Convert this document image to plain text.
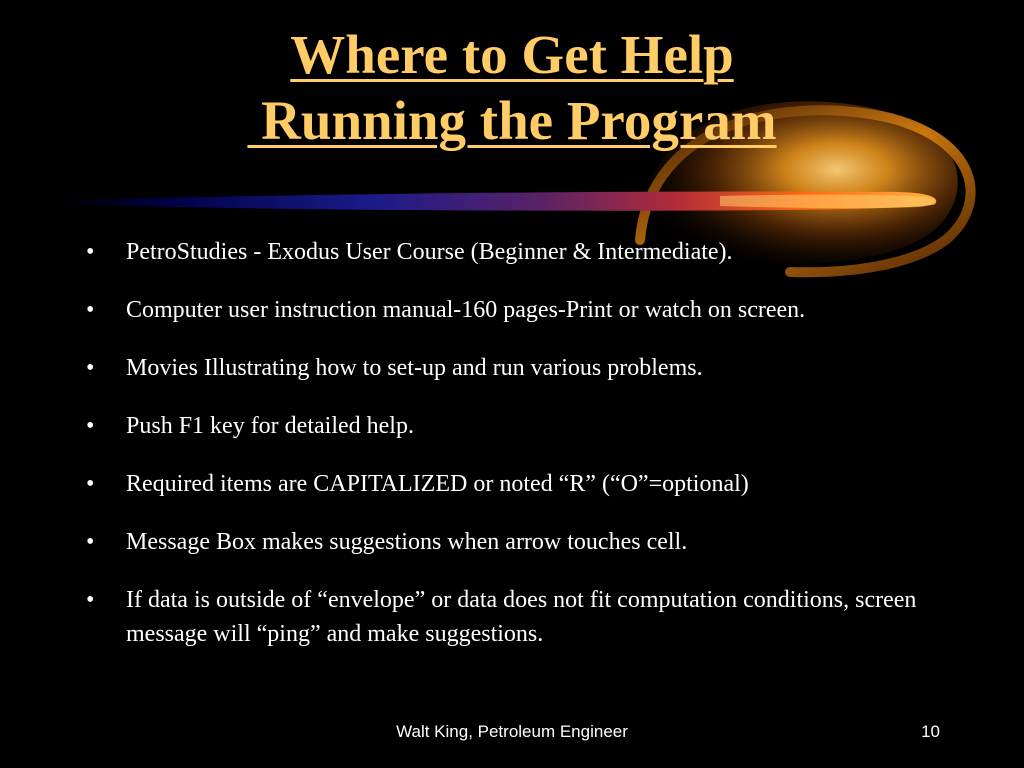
Where to Get Help
Running the Program
•	PetroStudies - Exodus User Course (Beginner & Intermediate).
•	Computer user instruction manual-160 pages-Print or watch on screen.
•	Movies Illustrating how to set-up and run various problems.
•	Push F1 key for detailed help.
•	Required items are CAPITALIZED or noted “R” (“O”=optional)
•	Message Box makes suggestions when arrow touches cell.
•	If data is outside of “envelope” or data does not fit computation conditions, screen message will “ping” and make suggestions.
Walt King, Petroleum Engineer	10
